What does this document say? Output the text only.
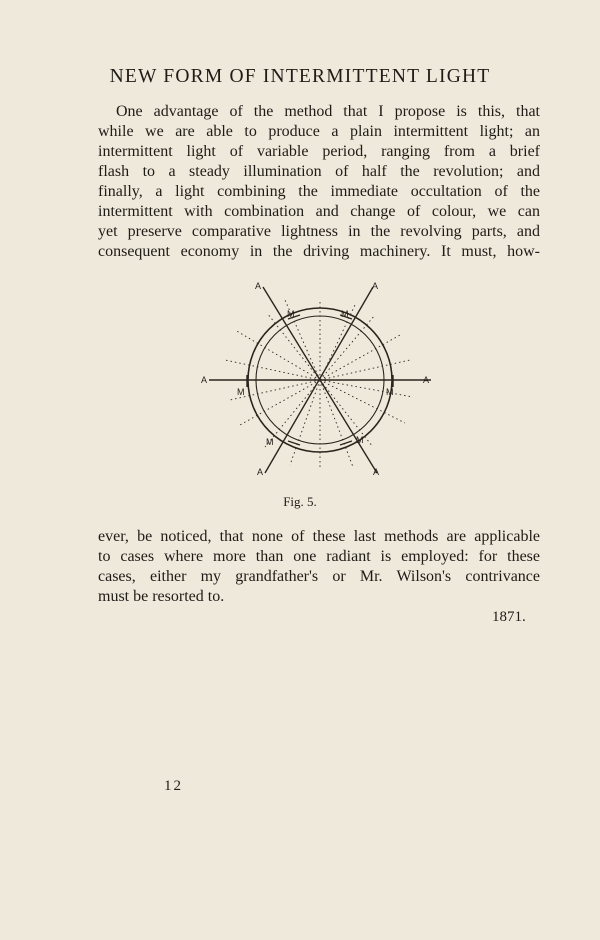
NEW FORM OF INTERMITTENT LIGHT

One advantage of the method that I propose is this, that
while we are able to produce a plain intermittent light; an
intermittent light of variable period, ranging from a brief
flash to a steady illumination of half the revolution; and
finally, a light combining the immediate occultation of the
intermittent with combination and change of colour, we can
yet preserve comparative lightness in the revolving parts, and
consequent economy in the driving machinery. It must, how-

A	A
A	A
A	A
M	M
M	M
M	M

Fig. 5.

ever, be noticed, that none of these last methods are applicable
to cases where more than one radiant is employed: for these
cases, either my grandfather's or Mr. Wilson's contrivance
must be resorted to.

1871.

12
